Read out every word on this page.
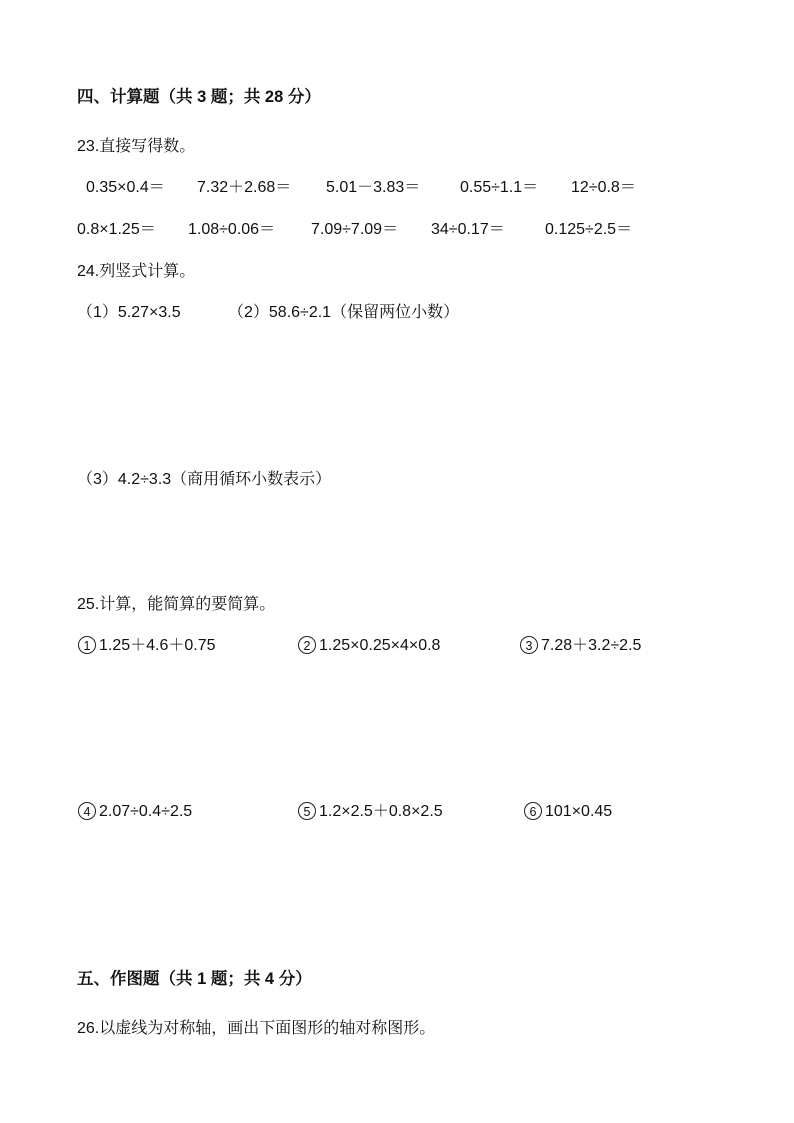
四、计算题（共 3 题；共 28 分）
23.直接写得数。
0.35×0.4＝ 7.32＋2.68＝ 5.01－3.83＝ 0.55÷1.1＝ 12÷0.8＝
0.8×1.25＝ 1.08÷0.06＝ 7.09÷7.09＝ 34÷0.17＝	0.125÷2.5＝
24.列竖式计算。
（1）5.27×3.5	（2）58.6÷2.1（保留两位小数）
（3）4.2÷3.3（商用循环小数表示）
25.计算，能简算的要简算。
1 1.25＋4.6＋0.75	2 1.25×0.25×4×0.8	3 7.28＋3.2÷2.5
4 2.07÷0.4÷2.5	5 1.2×2.5＋0.8×2.5	6 101×0.45
五、作图题（共 1 题；共 4 分）
26.以虚线为对称轴，画出下面图形的轴对称图形。
